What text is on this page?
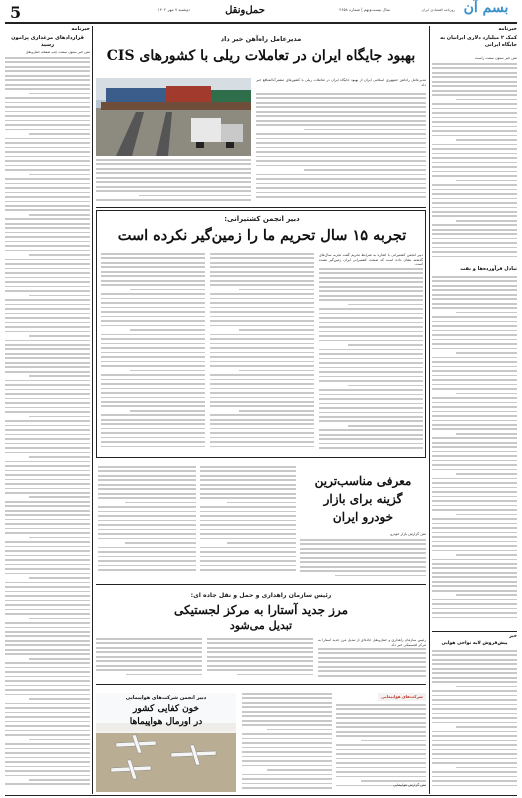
5	حمل‌ونقل	سال بیست‌ونهم | شماره ۴۶۵۸
دوشنبه ۷ مهر ۱۴۰۲	بسم آن
روزنامه اقتصادی ایران
خبرنامه
قراردادهای مرغداری پرامون رسید
متن خبر ستون سمت چپ صفحه حمل‌ونقل
خبرنامه
کمک ۲ میلیارد دلاری ایرانیان به جایگاه ایرانی
متن خبر ستون سمت راست
تبادل فرآورده‌ها و نفت
خبر
پیش‌فروش لایه نواحی هوایی
مدیرعامل راه‌آهن خبر داد
بهبود جایگاه ایران در تعاملات ریلی با کشورهای CIS
مدیرعامل راه‌آهن جمهوری اسلامی ایران از بهبود جایگاه ایران در تعاملات ریلی با کشورهای مشترک‌المنافع خبر داد.
دبیر انجمن کشتیرانی:
تجربه ۱۵ سال تحریم ما را زمین‌گیر نکرده است
دبیر انجمن کشتیرانی با اشاره به شرایط تحریم گفت تجربه سال‌های گذشته نشان داده است که صنعت کشتیرانی ایران زمین‌گیر نشده است.
معرفی مناسب‌ترین
گزینه برای بازار
خودرو ایران
متن گزارش بازار خودرو
رئیس سازمان راهداری و حمل و نقل جاده ای:
مرز جدید آستارا به مرکز لجستیکی
تبدیل می‌شود
رئیس سازمان راهداری و حمل‌ونقل جاده‌ای از تبدیل مرز جدید آستارا به مرکز لجستیکی خبر داد.
شرکت‌های هواپیمایی
دبیر انجمن شرکت‌های هواپیمایی
خون کفایی کشور
در اورمال هواپیماها
متن گزارش هواپیمایی
